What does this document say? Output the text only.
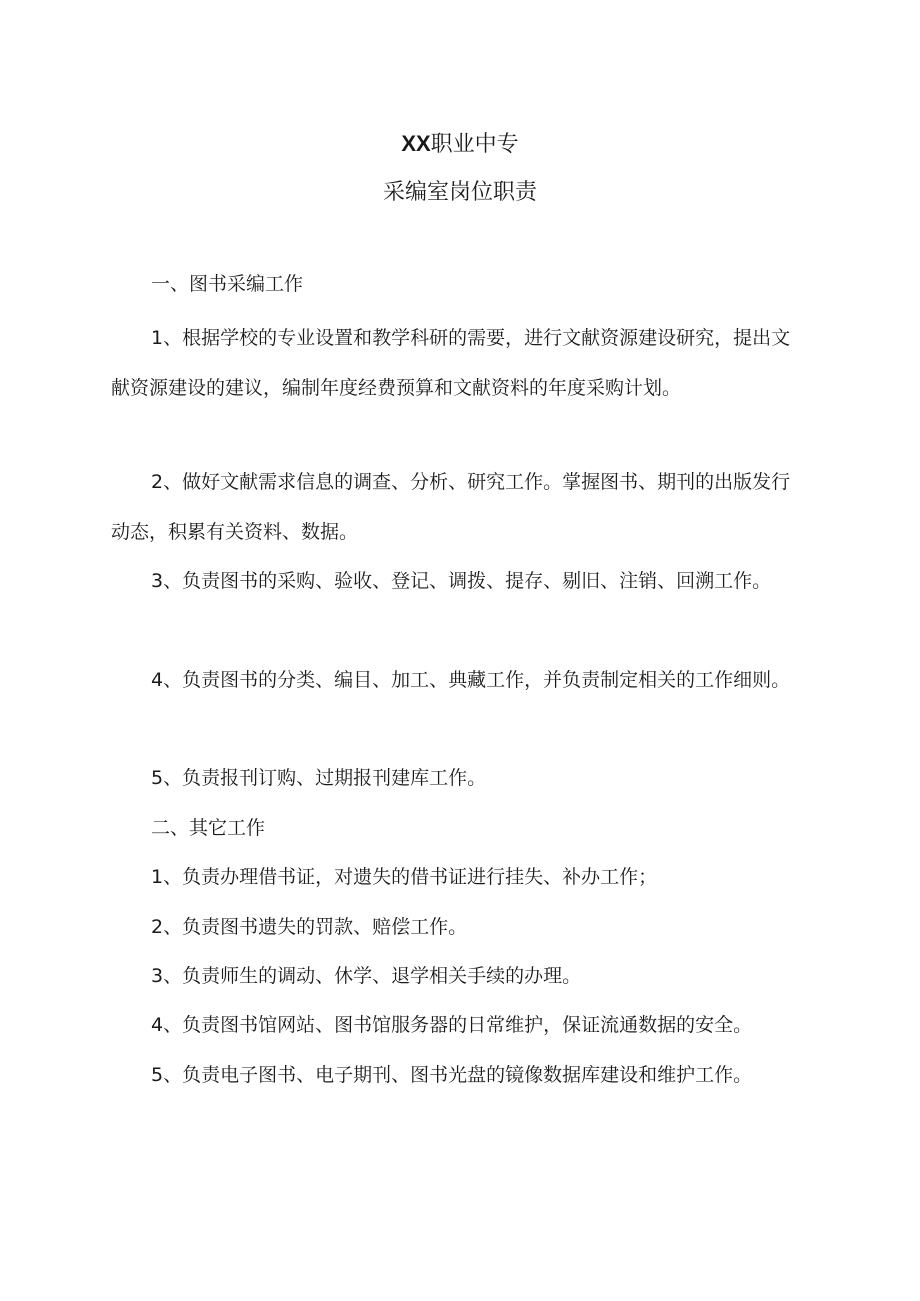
XX职业中专
采编室岗位职责

一、图书采编工作

1、根据学校的专业设置和教学科研的需要，进行文献资源建设研究，提出文献资源建设的建议，编制年度经费预算和文献资料的年度采购计划。

2、做好文献需求信息的调查、分析、研究工作。掌握图书、期刊的出版发行动态，积累有关资料、数据。

3、负责图书的采购、验收、登记、调拨、提存、剔旧、注销、回溯工作。

4、负责图书的分类、编目、加工、典藏工作，并负责制定相关的工作细则。

5、负责报刊订购、过期报刊建库工作。

二、其它工作

1、负责办理借书证，对遗失的借书证进行挂失、补办工作；

2、负责图书遗失的罚款、赔偿工作。

3、负责师生的调动、休学、退学相关手续的办理。

4、负责图书馆网站、图书馆服务器的日常维护，保证流通数据的安全。

5、负责电子图书、电子期刊、图书光盘的镜像数据库建设和维护工作。
